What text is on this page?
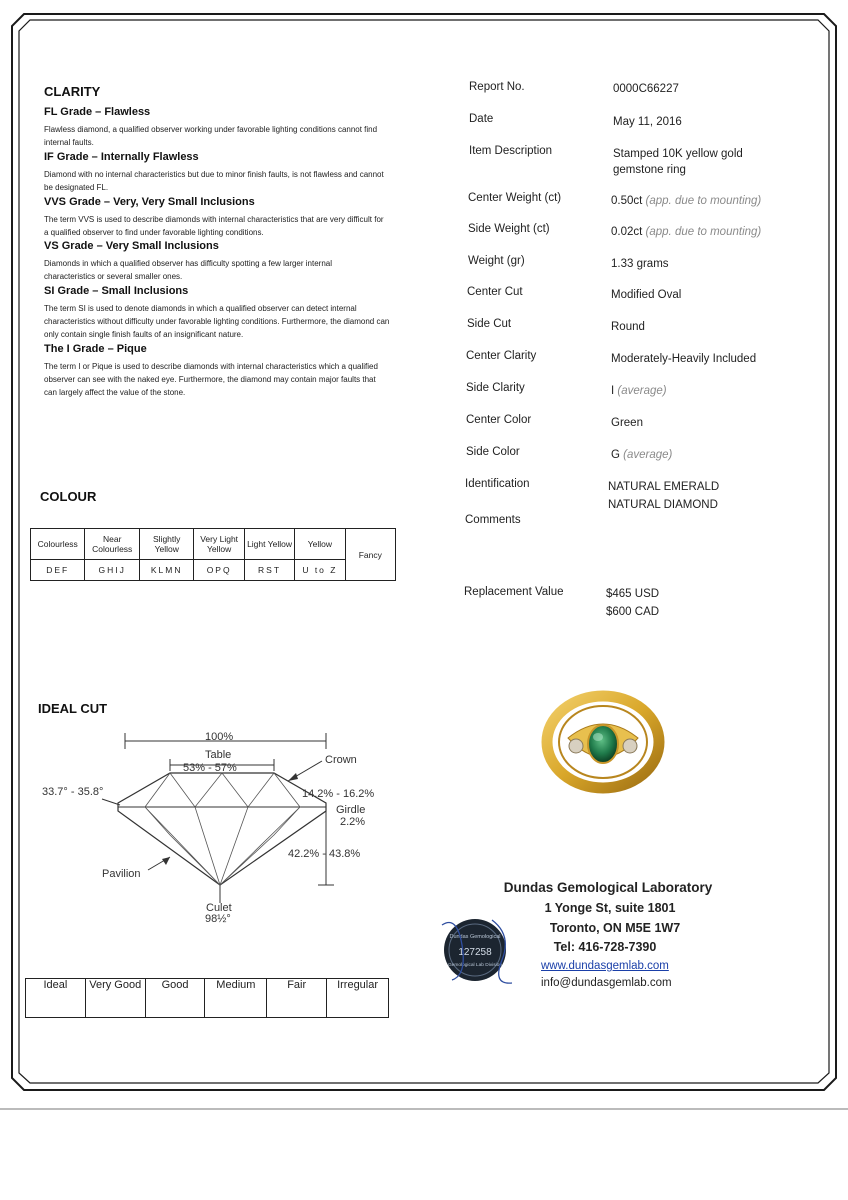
CLARITY
FL Grade – Flawless
Flawless diamond, a qualified observer working under favorable lighting conditions cannot find internal faults.
IF Grade – Internally Flawless
Diamond with no internal characteristics but due to minor finish faults, is not flawless and cannot be designated FL.
VVS Grade – Very, Very Small Inclusions
The term VVS is used to describe diamonds with internal characteristics that are very difficult for a qualified observer to find under favorable lighting conditions.
VS Grade – Very Small Inclusions
Diamonds in which a qualified observer has difficulty spotting a few larger internal characteristics or several smaller ones.
SI Grade – Small Inclusions
The term SI is used to denote diamonds in which a qualified observer can detect internal characteristics without difficulty under favorable lighting conditions. Furthermore, the diamond can only contain single finish faults of an insignificant nature.
The I Grade – Pique
The term I or Pique is used to describe diamonds with internal characteristics which a qualified observer can see with the naked eye. Furthermore, the diamond may contain major faults that can largely affect the value of the stone.
COLOUR
Colourless	Near Colourless	Slightly Yellow	Very Light Yellow	Light Yellow	Yellow	Fancy
DEF	GHIJ	KLMN	OPQ	RST	U to Z	
IDEAL CUT
100%
Table
53% - 57%
Crown
33.7° - 35.8°	14.2% - 16.2%
Girdle
2.2%
42.2% - 43.8%
Pavilion
Culet
98½°
Ideal	Very Good	Good	Medium	Fair	Irregular
Report No.	0000C66227
Date	May 11, 2016
Item Description	Stamped 10K yellow gold gemstone ring
Center Weight (ct)	0.50ct (app. due to mounting)
Side Weight (ct)	0.02ct (app. due to mounting)
Weight (gr)	1.33 grams
Center Cut	Modified Oval
Side Cut	Round
Center Clarity	Moderately-Heavily Included
Side Clarity	I (average)
Center Color	Green
Side Color	G (average)
Identification	NATURAL EMERALD
NATURAL DIAMOND
Comments
Replacement Value	$465 USD
$600 CAD
Dundas Gemological
127258
Gemological Lab Division
Dundas Gemological Laboratory
1 Yonge St, suite 1801
Toronto, ON M5E 1W7
Tel: 416-728-7390
www.dundasgemlab.com
info@dundasgemlab.com
